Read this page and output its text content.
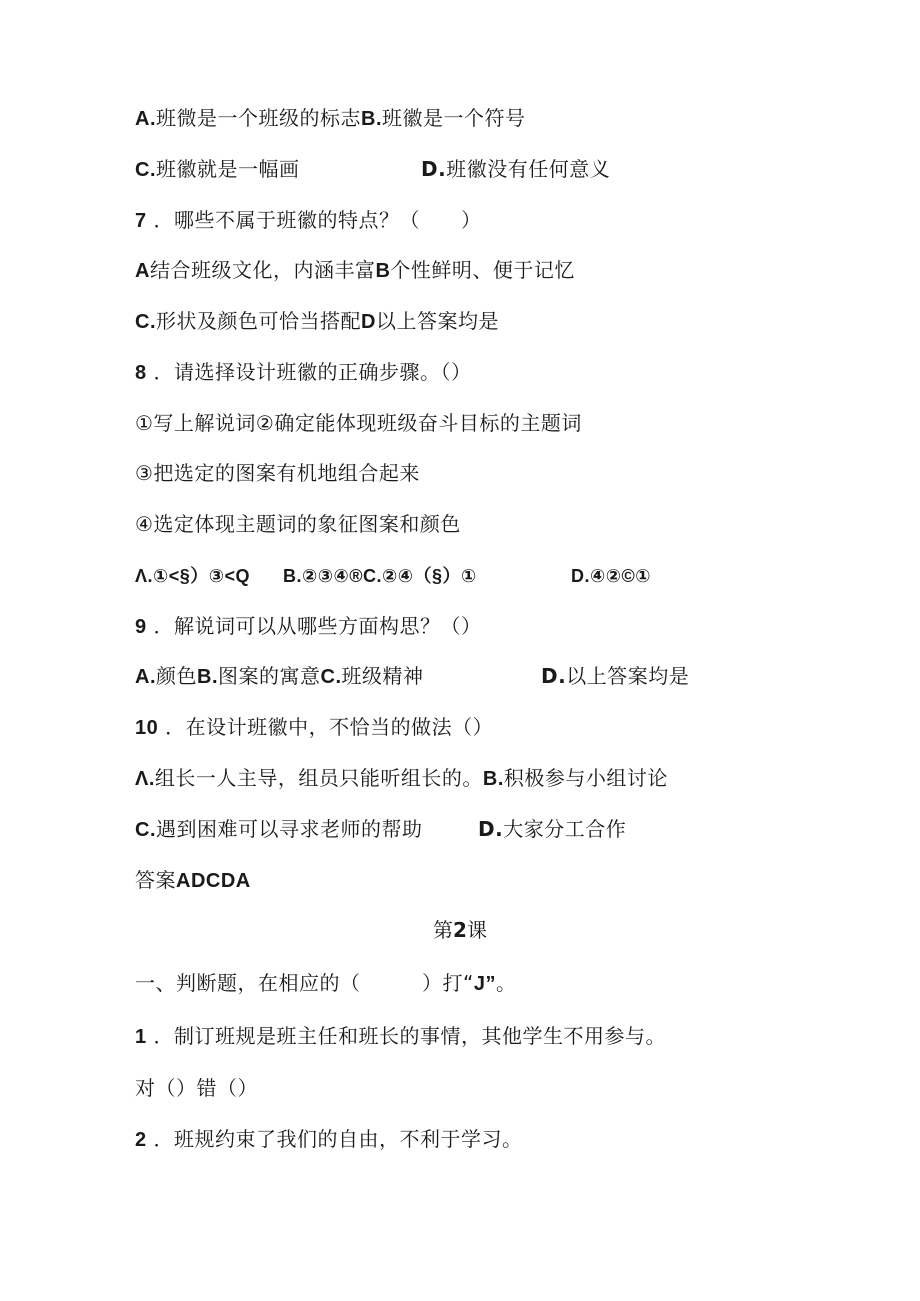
A.班微是一个班级的标志B.班徽是一个符号
C.班徽就是一幅画	D.班徽没有任何意义
7 ．哪些不属于班徽的特点？（　　）
A结合班级文化，内涵丰富B个性鲜明、便于记忆
C.形状及颜色可恰当搭配D以上答案均是
8 ．请选择设计班徽的正确步骤。（）
①写上解说词②确定能体现班级奋斗目标的主题词
③把选定的图案有机地组合起来
④选定体现主题词的象征图案和颜色
Λ.①<§）③<Q B.②③④®C.②④（§）①	D.④②©①
9 ．解说词可以从哪些方面构思？（）
A.颜色B.图案的寓意C.班级精神	D.以上答案均是
10 ．在设计班徽中，不恰当的做法（）
Λ.组长一人主导，组员只能听组长的。B.积极参与小组讨论
C.遇到困难可以寻求老师的帮助	D.大家分工合作
答案ADCDA
第2课
一、判断题，在相应的（　　　）打“J”。
1 ．制订班规是班主任和班长的事情，其他学生不用参与。
对（）错（）
2 ．班规约束了我们的自由，不利于学习。
